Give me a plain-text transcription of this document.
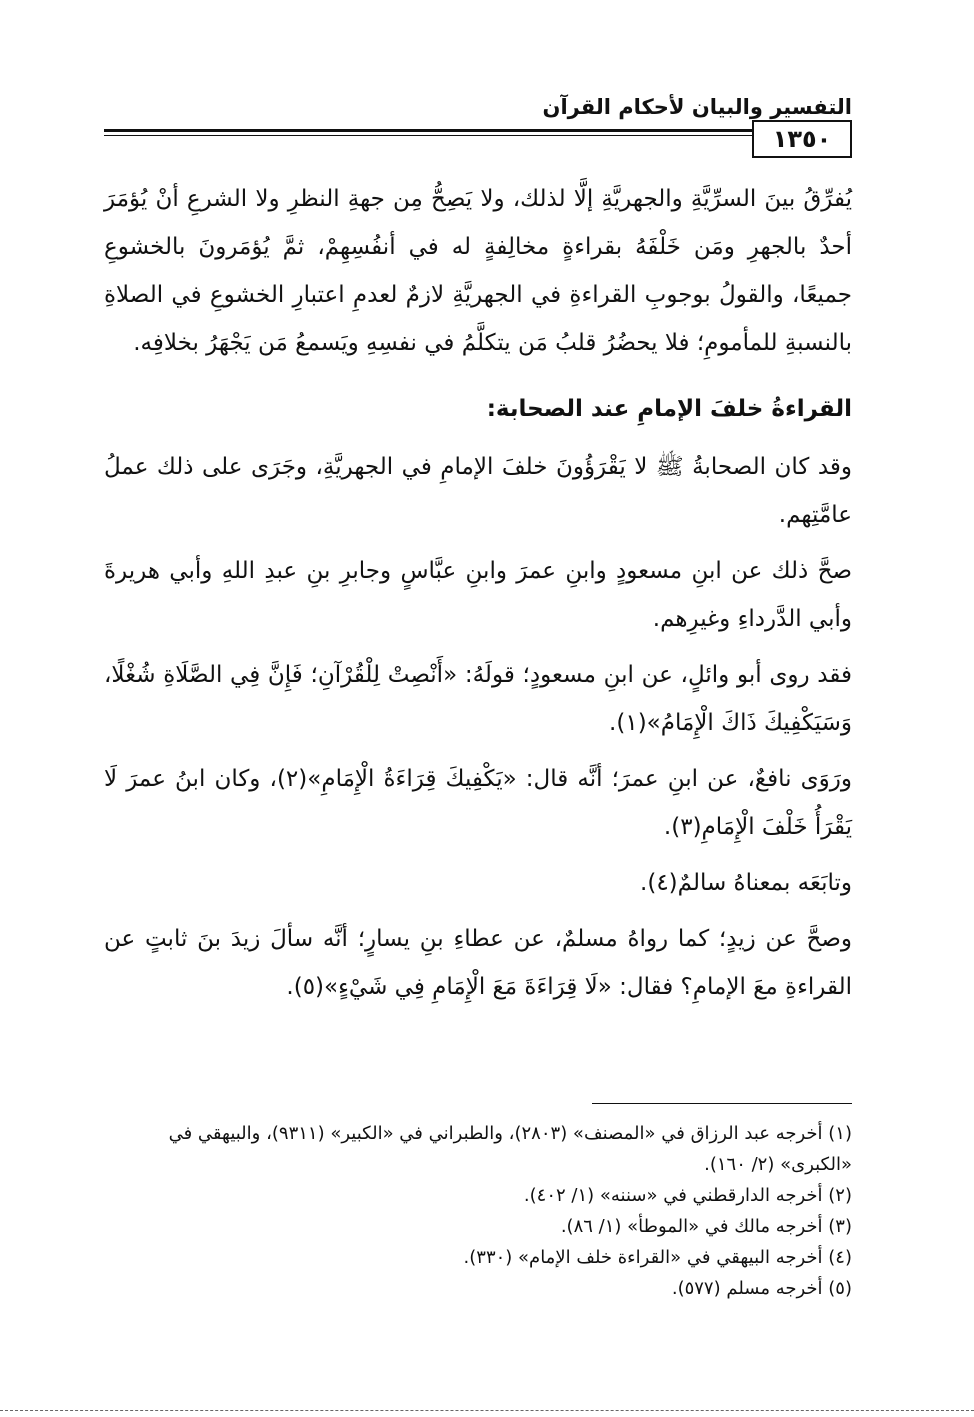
التفسير والبيان لأحكام القرآن
١٣٥٠

يُفرِّقُ بينَ السرِّيَّةِ والجهريَّةِ إلَّا لذلك، ولا يَصِحُّ مِن جهةِ النظرِ ولا الشرعِ أنْ يُؤمَرَ أحدٌ بالجهرِ ومَن خَلْفَهُ بقراءةٍ مخالِفةٍ له في أنفُسِهِمْ، ثمَّ يُؤمَرونَ بالخشوعِ جميعًا، والقولُ بوجوبِ القراءةِ في الجهريَّةِ لازمٌ لعدمِ اعتبارِ الخشوعِ في الصلاةِ بالنسبةِ للمأمومِ؛ فلا يحضُرُ قلبُ مَن يتكلَّمُ في نفسِهِ ويَسمعُ مَن يَجْهَرُ بخلافِه.

القراءةُ خلفَ الإمامِ عند الصحابة:

وقد كان الصحابةُ ﷺ لا يَقْرَؤُونَ خلفَ الإمامِ في الجهريَّةِ، وجَرَى على ذلك عملُ عامَّتِهم.

صحَّ ذلك عن ابنِ مسعودٍ وابنِ عمرَ وابنِ عبَّاسٍ وجابرِ بنِ عبدِ اللهِ وأبي هريرةَ وأبي الدَّرداءِ وغيرِهم.

فقد روى أبو وائلٍ، عن ابنِ مسعودٍ؛ قولَهُ: «أَنْصِتْ لِلْقُرْآنِ؛ فَإِنَّ فِي الصَّلَاةِ شُغْلًا، وَسَيَكْفِيكَ ذَاكَ الْإِمَامُ»(١).

ورَوَى نافعٌ، عن ابنِ عمرَ؛ أنَّه قال: «يَكْفِيكَ قِرَاءَةُ الْإِمَامِ»(٢)، وكان ابنُ عمرَ لَا يَقْرَأُ خَلْفَ الْإِمَامِ(٣).

وتابَعَه بمعناهُ سالمٌ(٤).

وصحَّ عن زيدٍ؛ كما رواهُ مسلمٌ، عن عطاءِ بنِ يسارٍ؛ أنَّه سألَ زيدَ بنَ ثابتٍ عن القراءةِ معَ الإمامِ؟ فقال: «لَا قِرَاءَةَ مَعَ الْإِمَامِ فِي شَيْءٍ»(٥).

(١) أخرجه عبد الرزاق في «المصنف» (٢٨٠٣)، والطبراني في «الكبير» (٩٣١١)، والبيهقي في «الكبرى» (٢/ ١٦٠).

(٢) أخرجه الدارقطني في «سننه» (١/ ٤٠٢).

(٣) أخرجه مالك في «الموطأ» (١/ ٨٦).

(٤) أخرجه البيهقي في «القراءة خلف الإمام» (٣٣٠).

(٥) أخرجه مسلم (٥٧٧).
